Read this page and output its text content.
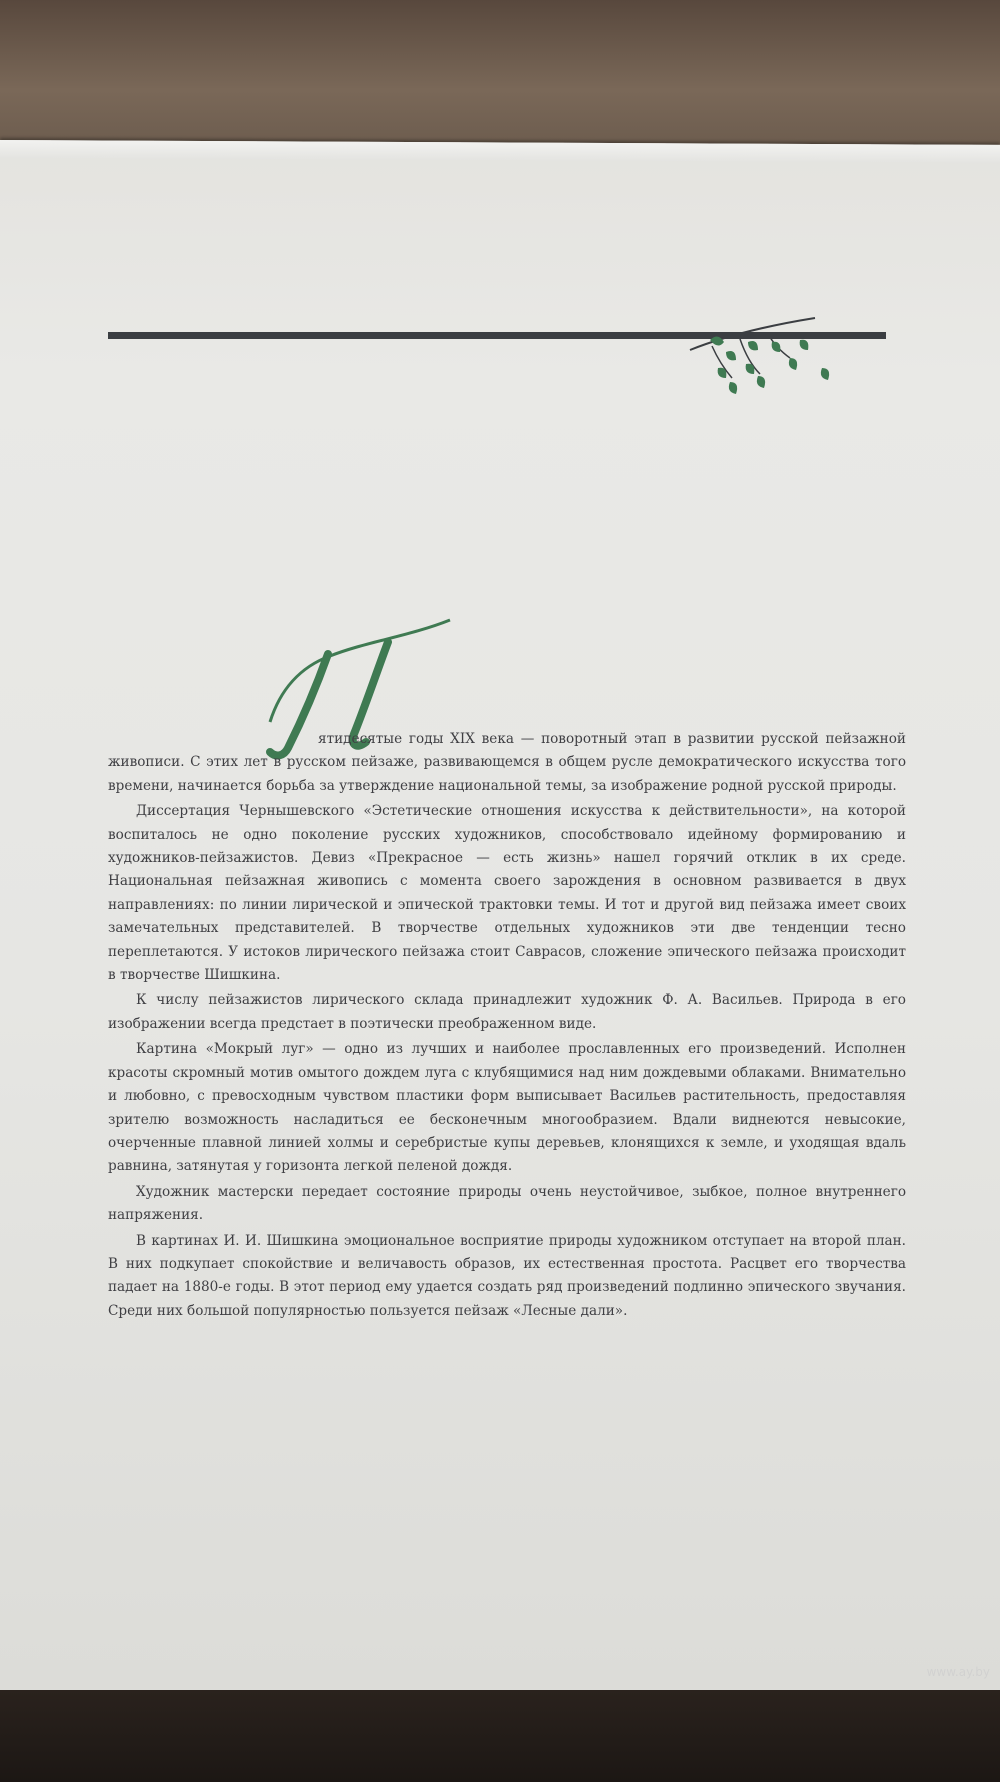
П

ятидесятые годы XIX века — поворотный этап в развитии русской пейзажной живописи. С этих лет в русском пейзаже, развивающемся в общем русле демократического искусства того времени, начинается борьба за утверждение национальной темы, за изображение родной русской природы.

Диссертация Чернышевского «Эстетические отношения искусства к действительности», на которой воспиталось не одно поколение русских художников, способствовало идейному формированию и художников-пейзажистов. Девиз «Прекрасное — есть жизнь» нашел горячий отклик в их среде. Национальная пейзажная живопись с момента своего зарождения в основном развивается в двух направлениях: по линии лирической и эпической трактовки темы. И тот и другой вид пейзажа имеет своих замечательных представителей. В творчестве отдельных художников эти две тенденции тесно переплетаются. У истоков лирического пейзажа стоит Саврасов, сложение эпического пейзажа происходит в творчестве Шишкина.

К числу пейзажистов лирического склада принадлежит художник Ф. А. Васильев. Природа в его изображении всегда предстает в поэтически преображенном виде.

Картина «Мокрый луг» — одно из лучших и наиболее прославленных его произведений. Исполнен красоты скромный мотив омытого дождем луга с клубящимися над ним дождевыми облаками. Внимательно и любовно, с превосходным чувством пластики форм выписывает Васильев растительность, предоставляя зрителю возможность насладиться ее бесконечным многообразием. Вдали виднеются невысокие, очерченные плавной линией холмы и серебристые купы деревьев, клонящихся к земле, и уходящая вдаль равнина, затянутая у горизонта легкой пеленой дождя.

Художник мастерски передает состояние природы очень неустойчивое, зыбкое, полное внутреннего напряжения.

В картинах И. И. Шишкина эмоциональное восприятие природы художником отступает на второй план. В них подкупает спокойствие и величавость образов, их естественная простота. Расцвет его творчества падает на 1880-е годы. В этот период ему удается создать ряд произведений подлинно эпического звучания. Среди них большой популярностью пользуется пейзаж «Лесные дали».

www.ay.by
